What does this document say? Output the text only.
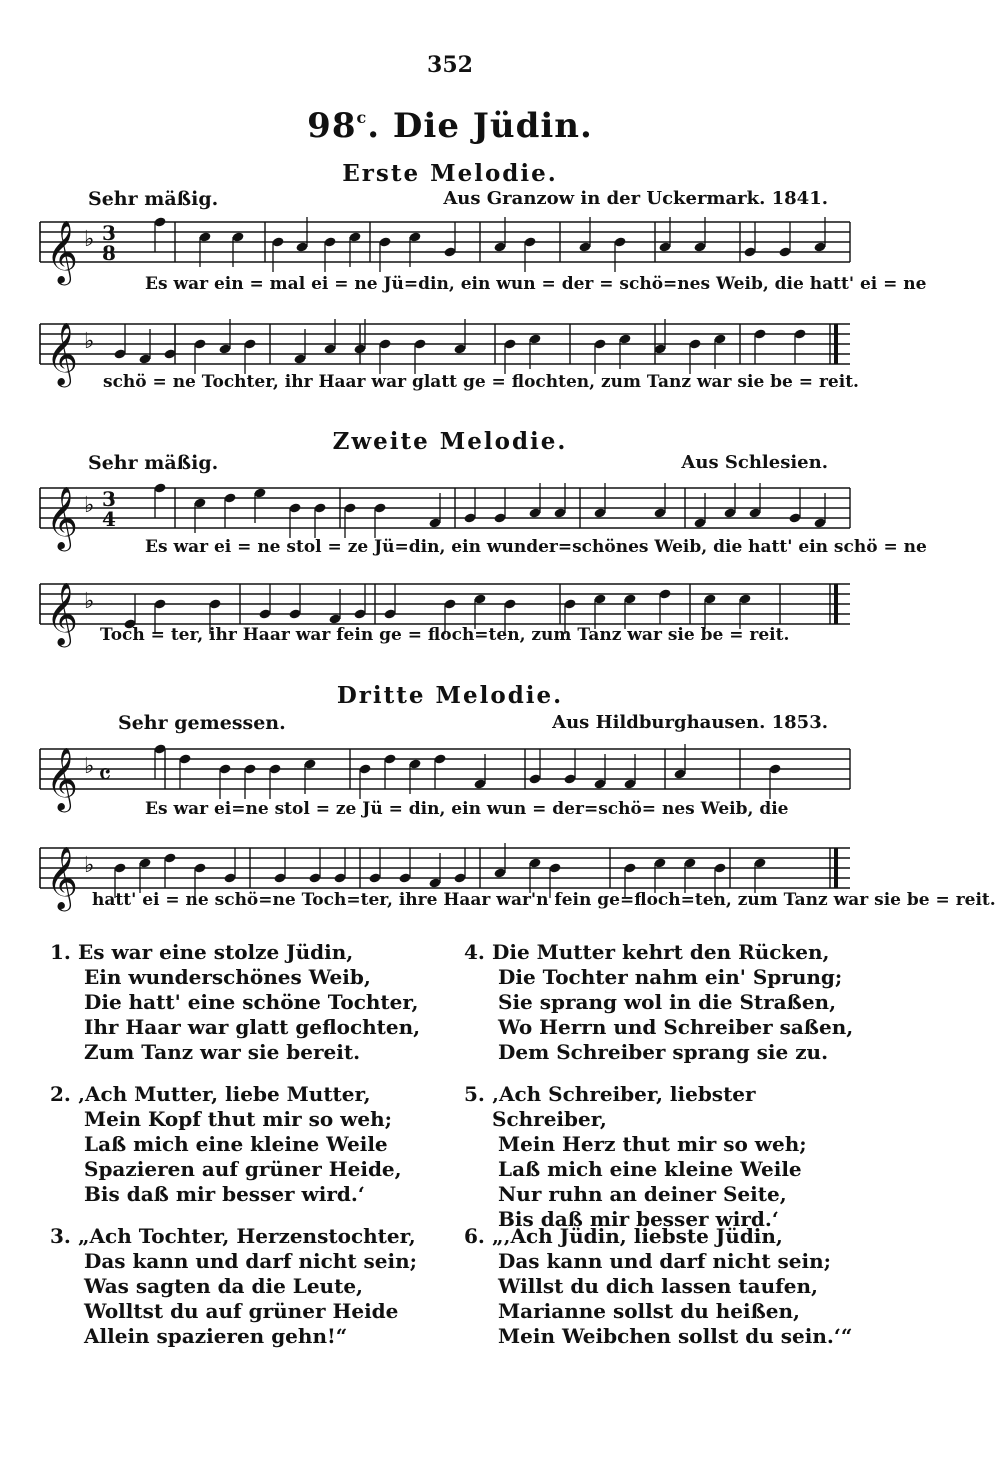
352
98$^c$. Die Jüdin.
Erste Melodie.
Sehr mäßig.	Aus Granzow in der Uckermark. 1841.
𝄞 ♭ 3
8
Es war ein = mal ei = ne Jü=din, ein wun = der = schö=nes Weib, die hatt' ei = ne
𝄞 ♭
schö = ne Tochter, ihr Haar war glatt ge = flochten, zum Tanz war sie be = reit.
Zweite Melodie.
Sehr mäßig.	Aus Schlesien.
𝄞 ♭ 3
4
Es war ei = ne stol = ze Jü=din, ein wunder=schönes Weib, die hatt' ein schö = ne
𝄞 ♭
Toch = ter, ihr Haar war fein ge = floch=ten, zum Tanz war sie be = reit.
Dritte Melodie.
Sehr gemessen.	Aus Hildburghausen. 1853.
𝄞 ♭ 𝄴
Es war ei=ne stol = ze Jü = din, ein wun = der=schö= nes Weib, die
𝄞 ♭
hatt' ei = ne schö=ne Toch=ter, ihre Haar war'n fein ge=floch=ten, zum Tanz war sie be = reit.
1. Es war eine stolze Jüdin,
Ein wunderschönes Weib,
Die hatt' eine schöne Tochter,
Ihr Haar war glatt geflochten,
Zum Tanz war sie bereit.
2. ‚Ach Mutter, liebe Mutter,
Mein Kopf thut mir so weh;
Laß mich eine kleine Weile
Spazieren auf grüner Heide,
Bis daß mir besser wird.‘
3. „Ach Tochter, Herzenstochter,
Das kann und darf nicht sein;
Was sagten da die Leute,
Wolltst du auf grüner Heide
Allein spazieren gehn!“
4. Die Mutter kehrt den Rücken,
Die Tochter nahm ein' Sprung;
Sie sprang wol in die Straßen,
Wo Herrn und Schreiber saßen,
Dem Schreiber sprang sie zu.
5. ‚Ach Schreiber, liebster Schreiber,
Mein Herz thut mir so weh;
Laß mich eine kleine Weile
Nur ruhn an deiner Seite,
Bis daß mir besser wird.‘
6. „‚Ach Jüdin, liebste Jüdin,
Das kann und darf nicht sein;
Willst du dich lassen taufen,
Marianne sollst du heißen,
Mein Weibchen sollst du sein.‘“
